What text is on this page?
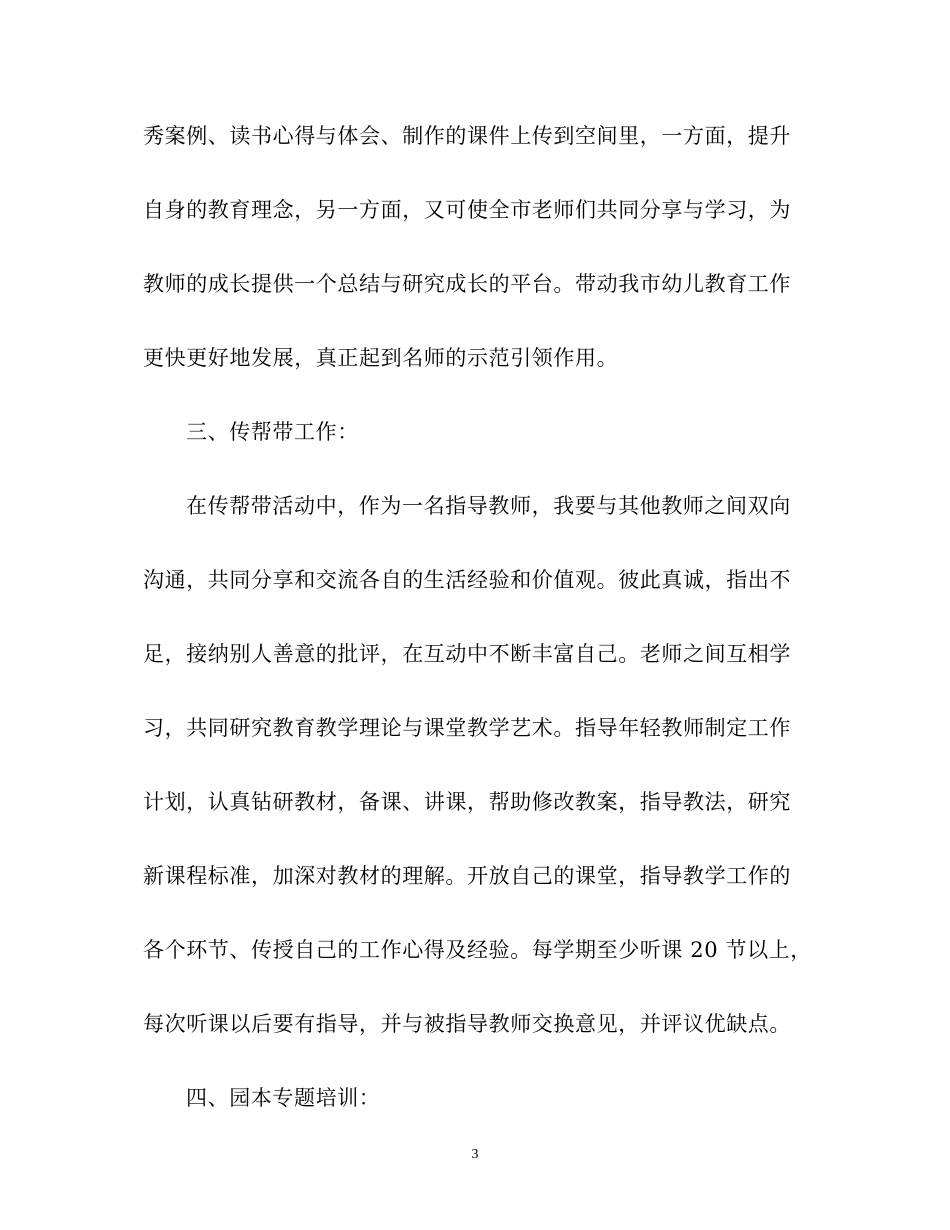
秀案例、读书心得与体会、制作的课件上传到空间里，一方面，提升
自身的教育理念，另一方面，又可使全市老师们共同分享与学习，为
教师的成长提供一个总结与研究成长的平台。带动我市幼儿教育工作
更快更好地发展，真正起到名师的示范引领作用。
三、传帮带工作：
在传帮带活动中，作为一名指导教师，我要与其他教师之间双向
沟通，共同分享和交流各自的生活经验和价值观。彼此真诚，指出不
足，接纳别人善意的批评，在互动中不断丰富自己。老师之间互相学
习，共同研究教育教学理论与课堂教学艺术。指导年轻教师制定工作
计划，认真钻研教材，备课、讲课，帮助修改教案，指导教法，研究
新课程标准，加深对教材的理解。开放自己的课堂，指导教学工作的
各个环节、传授自己的工作心得及经验。每学期至少听课 20 节以上，
每次听课以后要有指导，并与被指导教师交换意见，并评议优缺点。
四、园本专题培训：
3
